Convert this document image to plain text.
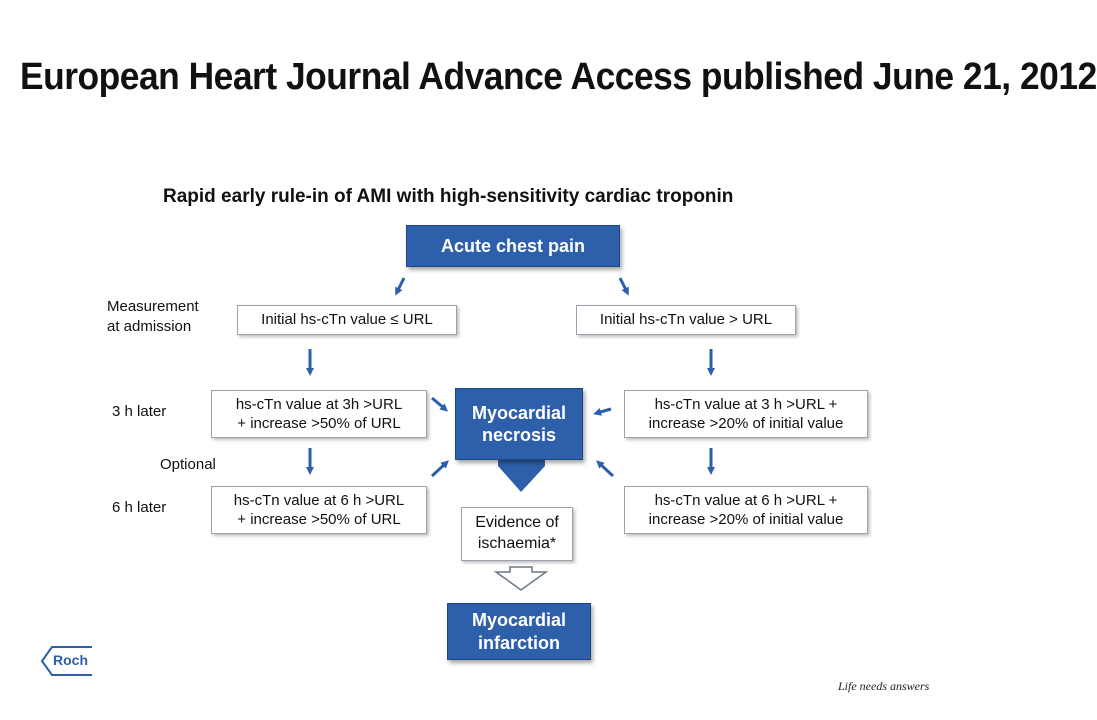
European Heart Journal Advance Access published June 21, 2012
Rapid early rule-in of AMI with high-sensitivity cardiac troponin
Acute chest pain
Measurement
at admission
3 h later
Optional
6 h later
Initial hs-cTn value ≤ URL	Initial hs-cTn value > URL
hs-cTn value at 3h >URL
+ increase >50% of URL
hs-cTn value at 3 h >URL +
increase >20% of initial value
Myocardial
necrosis
hs-cTn value at 6 h >URL
+ increase >50% of URL
hs-cTn value at 6 h >URL +
increase >20% of initial value
Evidence of
ischaemia*
Myocardial
infarction
Roch
Life needs answers
